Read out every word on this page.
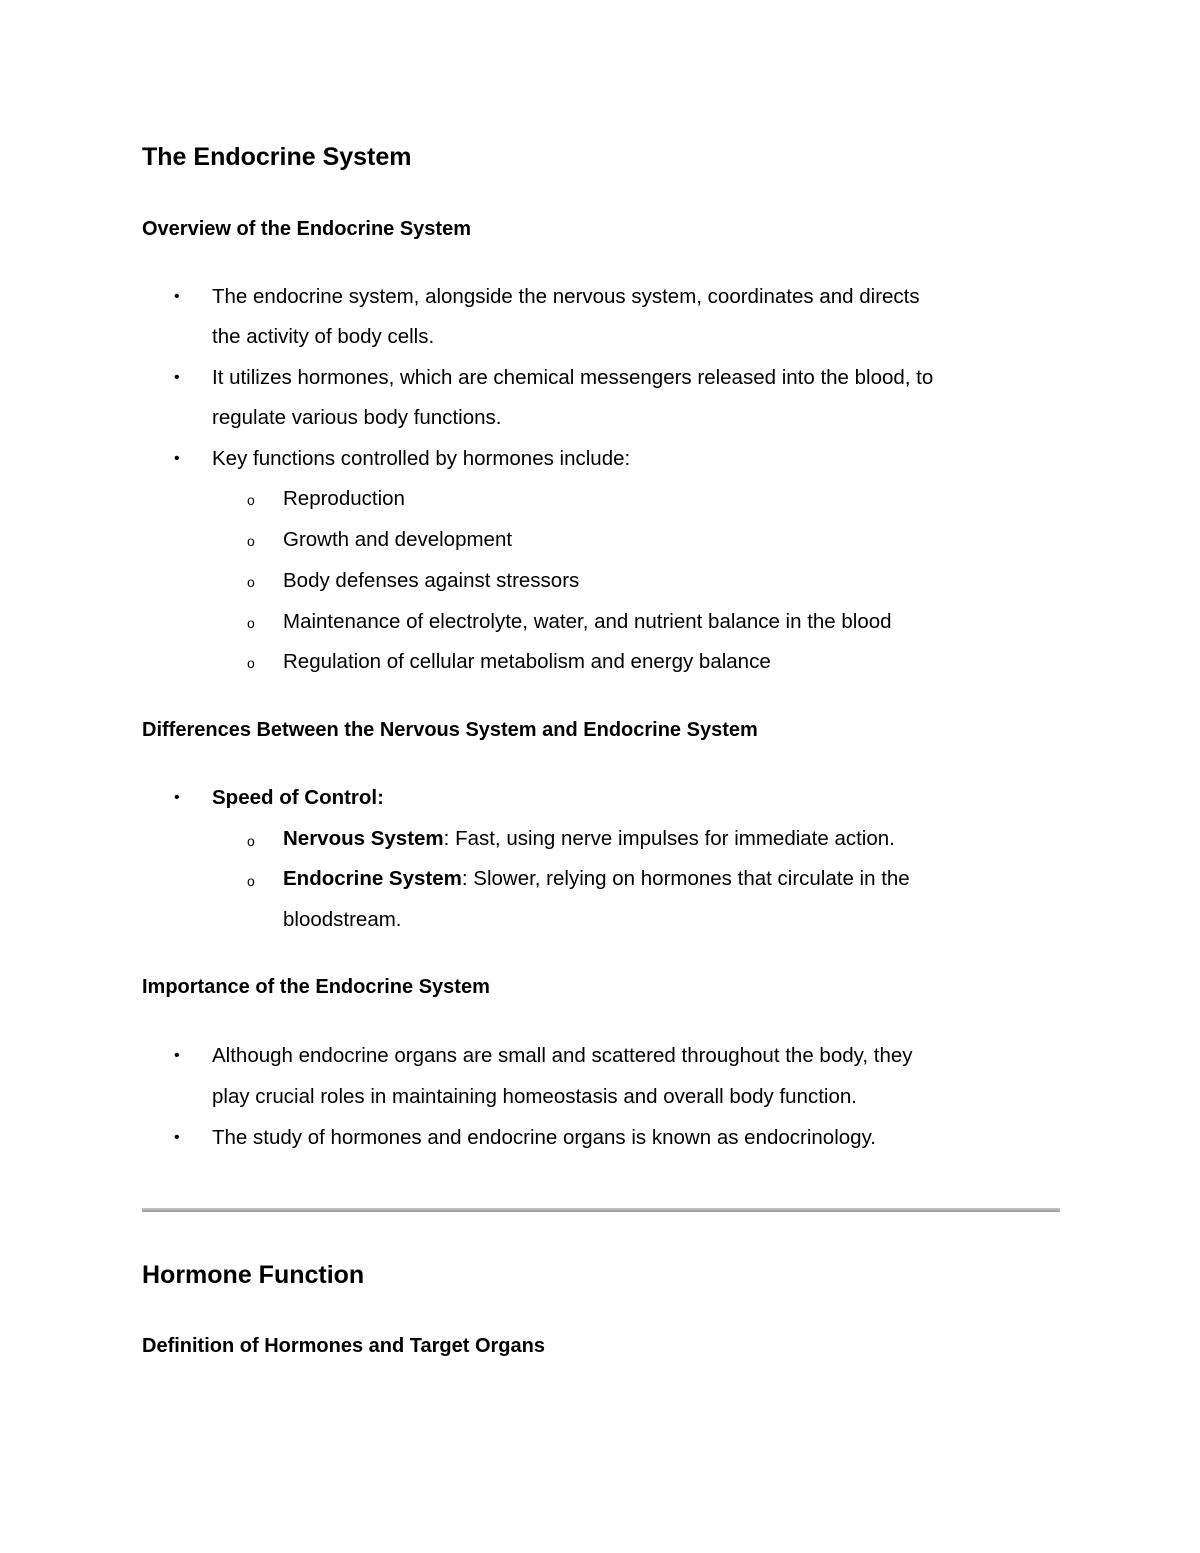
The Endocrine System
Overview of the Endocrine System
• The endocrine system, alongside the nervous system, coordinates and directs
the activity of body cells.
• It utilizes hormones, which are chemical messengers released into the blood, to
regulate various body functions.
• Key functions controlled by hormones include:
o Reproduction
o Growth and development
o Body defenses against stressors
o Maintenance of electrolyte, water, and nutrient balance in the blood
o Regulation of cellular metabolism and energy balance
Differences Between the Nervous System and Endocrine System
• Speed of Control:
o Nervous System: Fast, using nerve impulses for immediate action.
o Endocrine System: Slower, relying on hormones that circulate in the
bloodstream.
Importance of the Endocrine System
• Although endocrine organs are small and scattered throughout the body, they
play crucial roles in maintaining homeostasis and overall body function.
• The study of hormones and endocrine organs is known as endocrinology.
Hormone Function
Definition of Hormones and Target Organs
